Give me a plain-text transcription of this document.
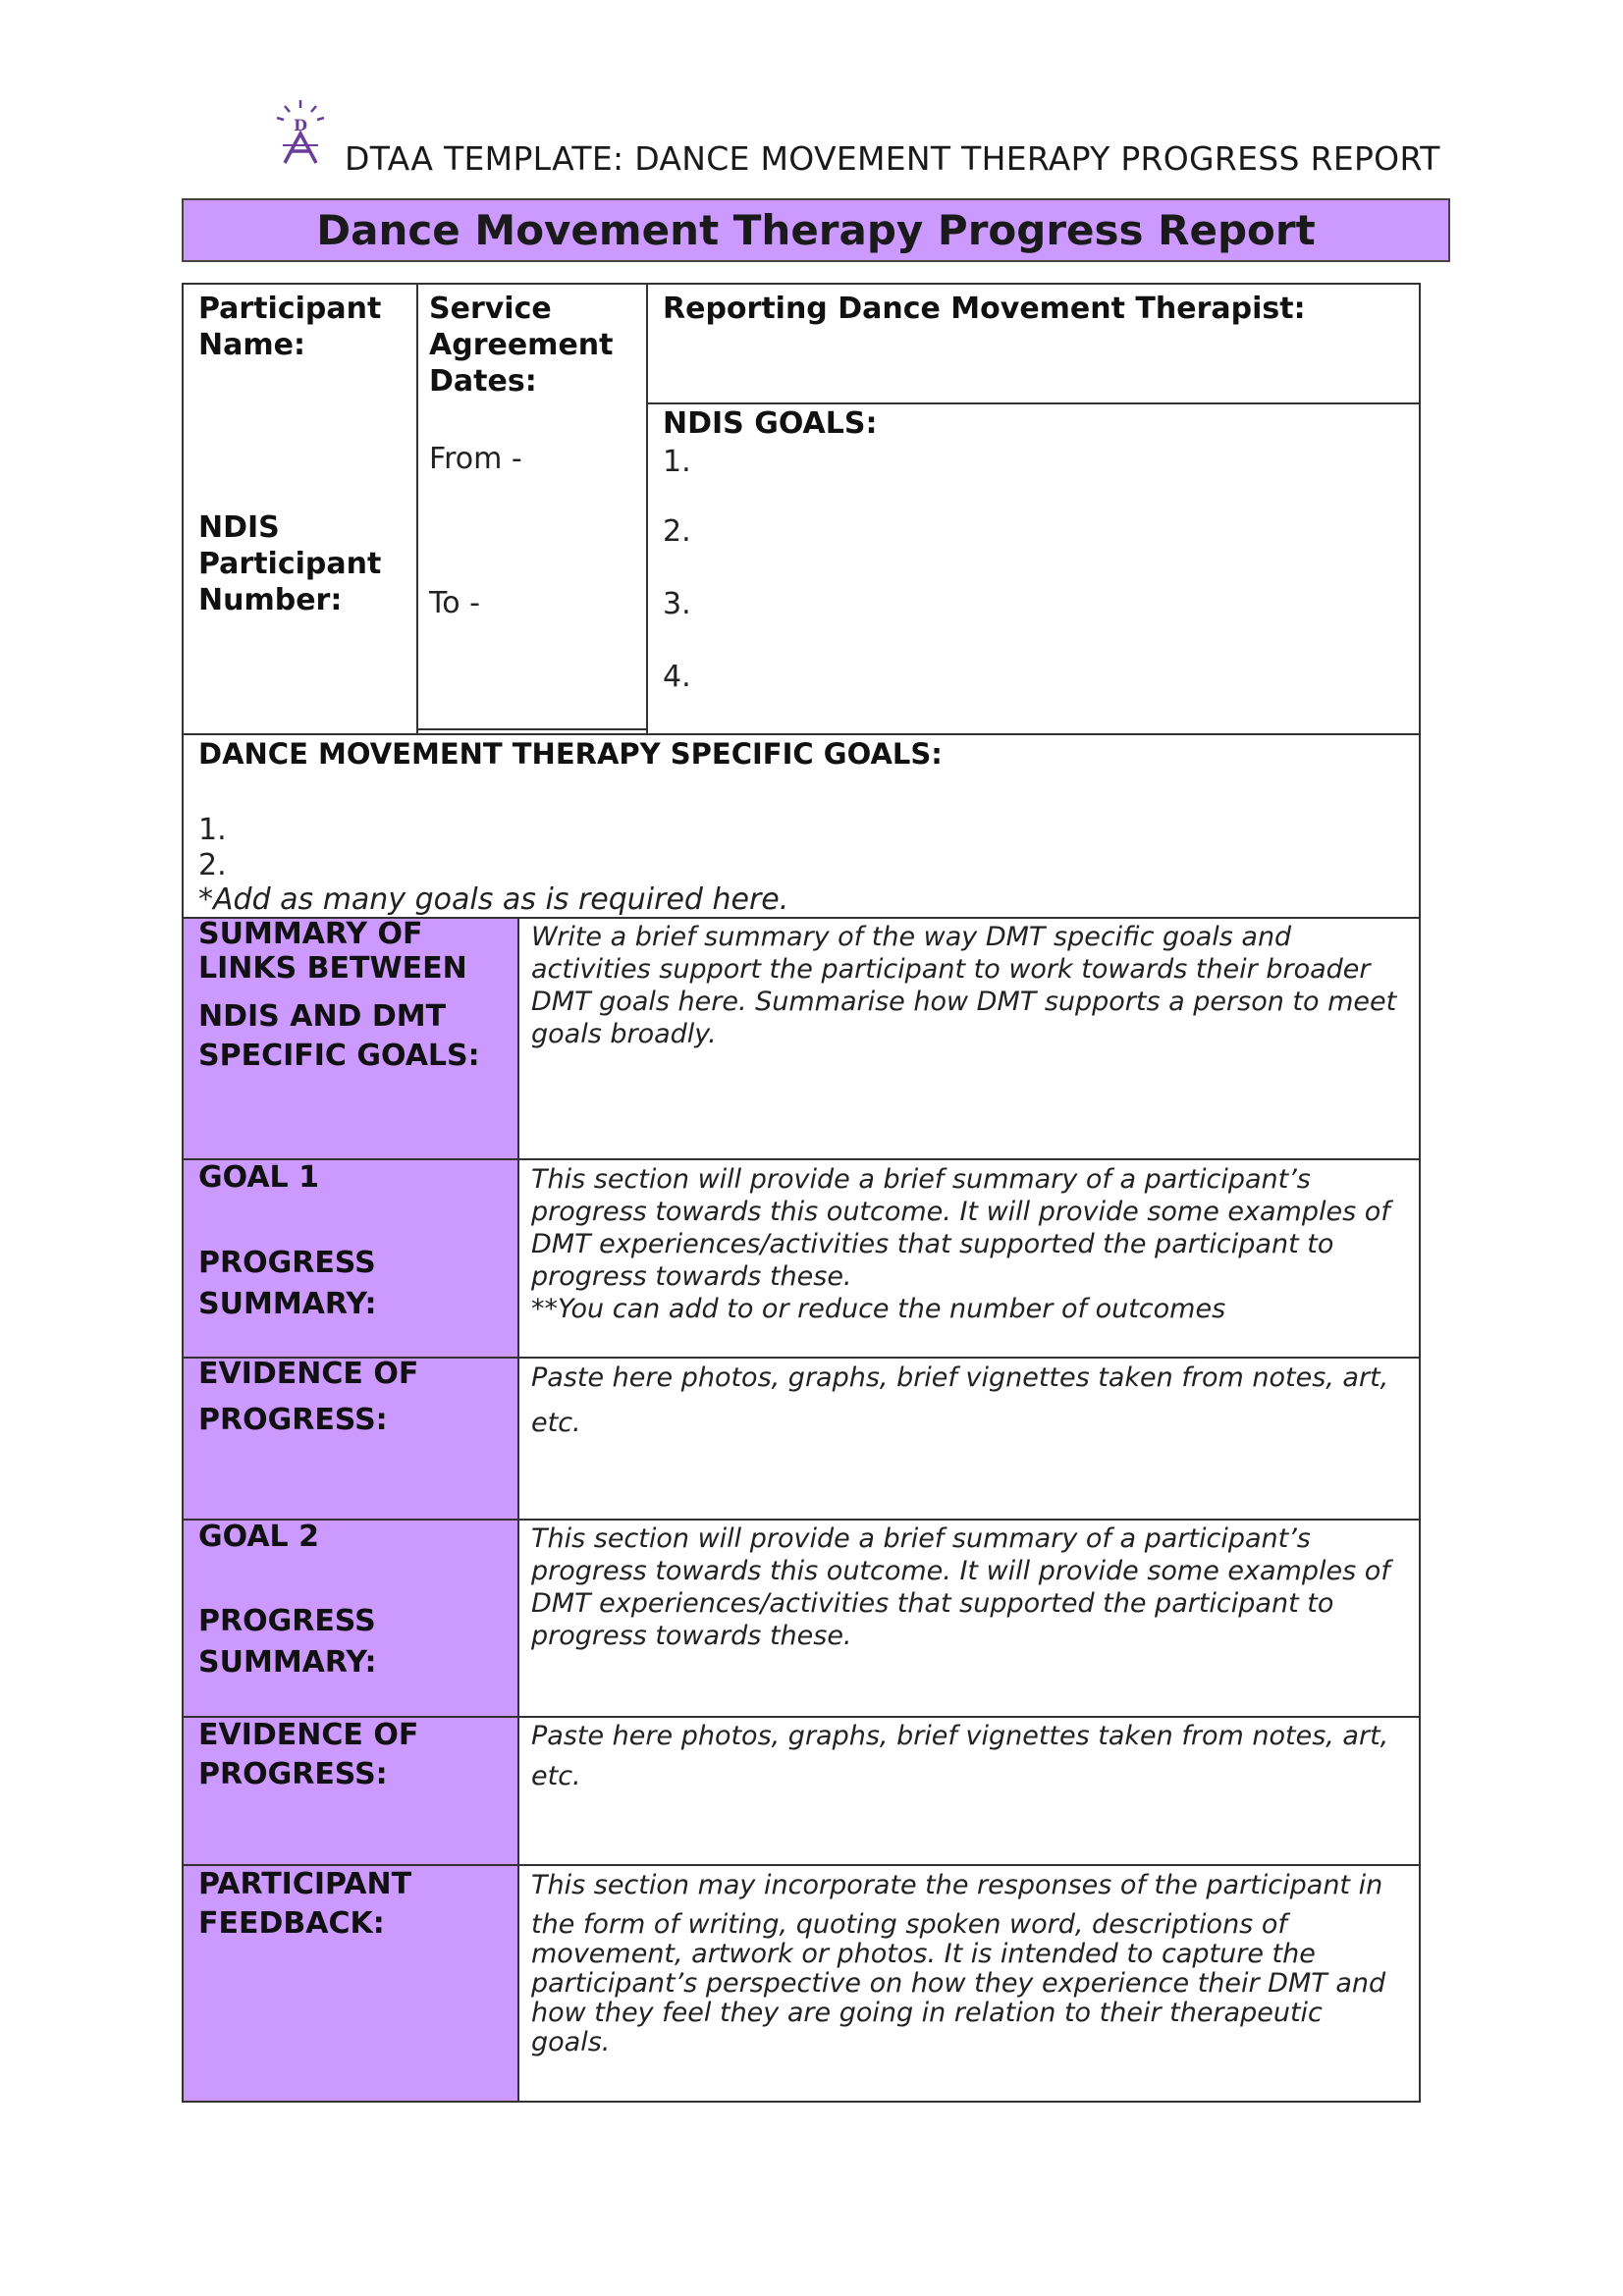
D
DTAA TEMPLATE: DANCE MOVEMENT THERAPY PROGRESS REPORT
Dance Movement Therapy Progress Report
Participant Name:
NDIS Participant Number:
Service Agreement Dates:
From -
To -
Reporting Dance Movement Therapist:
NDIS GOALS:
1.
2.
3.
4.
DANCE MOVEMENT THERAPY SPECIFIC GOALS:
1.
2.
*Add as many goals as is required here.
SUMMARY OF LINKS BETWEEN
NDIS AND DMT SPECIFIC GOALS:
Write a brief summary of the way DMT specific goals and activities support the participant to work towards their broader DMT goals here. Summarise how DMT supports a person to meet goals broadly.
GOAL 1
PROGRESS SUMMARY:
This section will provide a brief summary of a participant’s progress towards this outcome. It will provide some examples of DMT experiences/activities that supported the participant to progress towards these.
**You can add to or reduce the number of outcomes
EVIDENCE OF
PROGRESS:
Paste here photos, graphs, brief vignettes taken from notes, art,
etc.
GOAL 2
PROGRESS SUMMARY:
This section will provide a brief summary of a participant’s progress towards this outcome. It will provide some examples of DMT experiences/activities that supported the participant to progress towards these.
EVIDENCE OF PROGRESS:
Paste here photos, graphs, brief vignettes taken from notes, art,
etc.
PARTICIPANT FEEDBACK:
This section may incorporate the responses of the participant in
the form of writing, quoting spoken word, descriptions of movement, artwork or photos. It is intended to capture the participant’s perspective on how they experience their DMT and how they feel they are going in relation to their therapeutic goals.
